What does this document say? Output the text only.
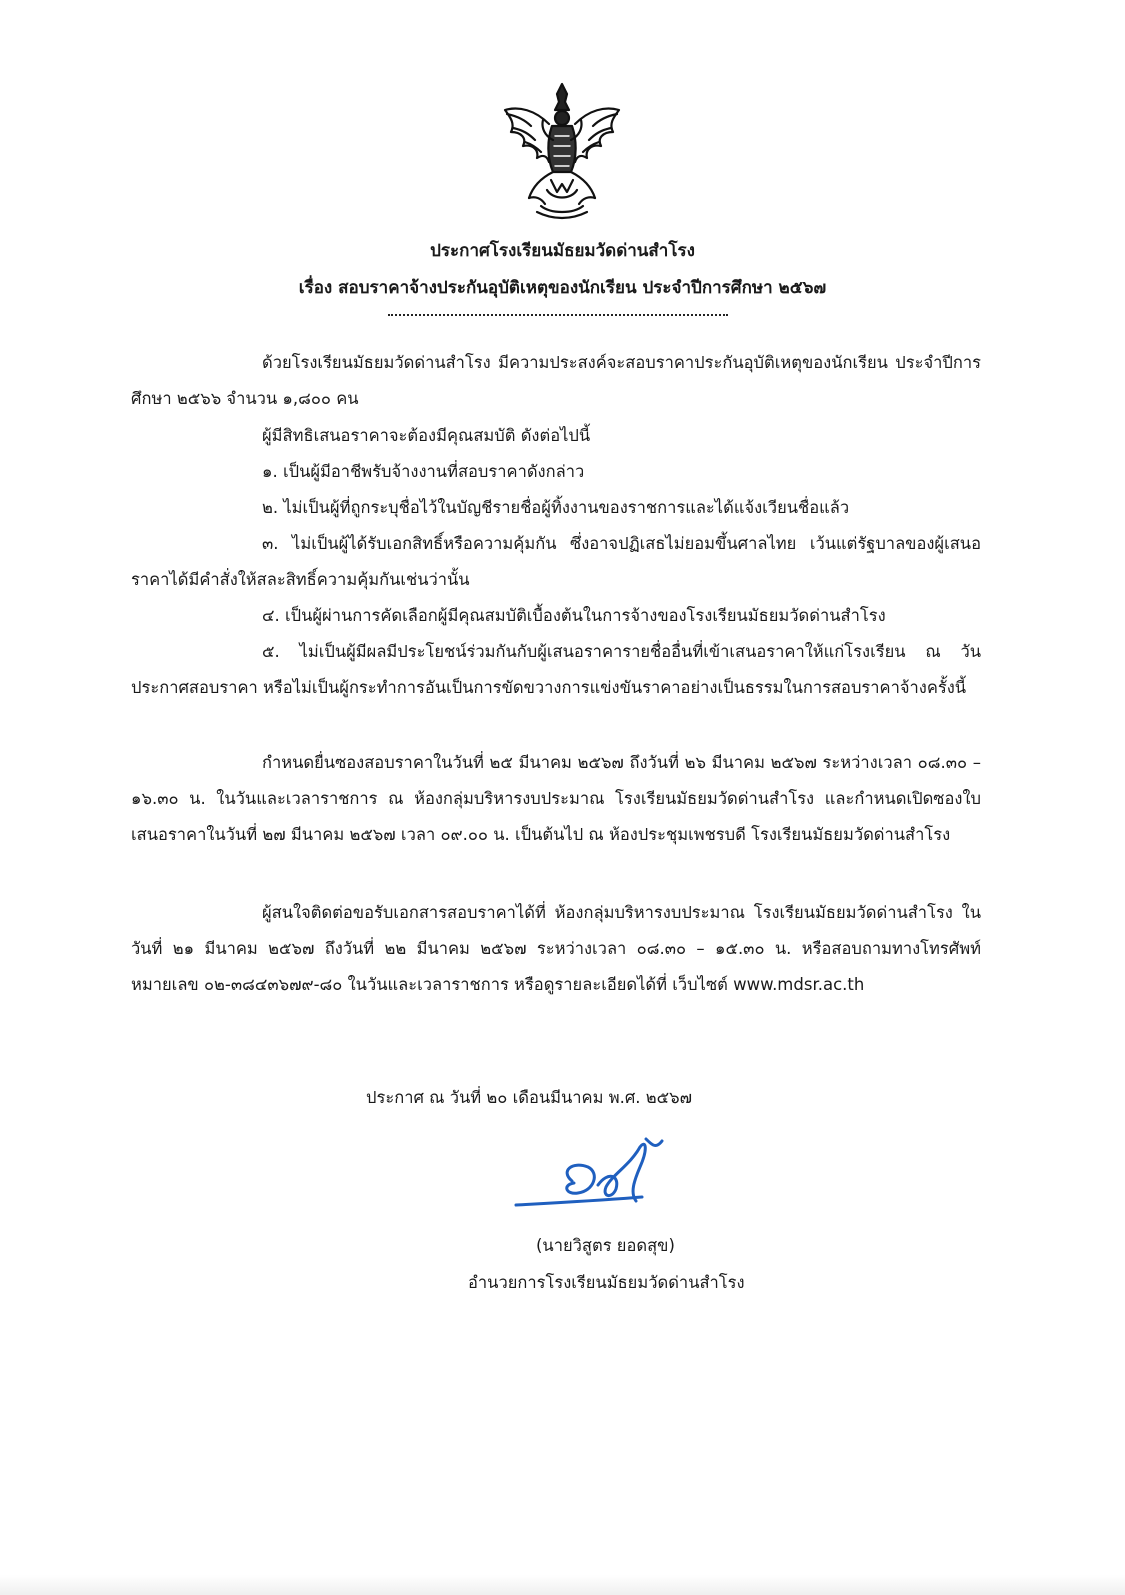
ประกาศโรงเรียนมัธยมวัดด่านสำโรง
เรื่อง สอบราคาจ้างประกันอุบัติเหตุของนักเรียน ประจำปีการศึกษา ๒๕๖๗

ด้วยโรงเรียนมัธยมวัดด่านสำโรง มีความประสงค์จะสอบราคาประกันอุบัติเหตุของนักเรียน ประจำปีการศึกษา ๒๕๖๖ จำนวน ๑,๘๐๐ คน

ผู้มีสิทธิเสนอราคาจะต้องมีคุณสมบัติ ดังต่อไปนี้
๑. เป็นผู้มีอาชีพรับจ้างงานที่สอบราคาดังกล่าว
๒. ไม่เป็นผู้ที่ถูกระบุชื่อไว้ในบัญชีรายชื่อผู้ทิ้งงานของราชการและได้แจ้งเวียนชื่อแล้ว

๓. ไม่เป็นผู้ได้รับเอกสิทธิ์หรือความคุ้มกัน ซึ่งอาจปฏิเสธไม่ยอมขึ้นศาลไทย เว้นแต่รัฐบาลของผู้เสนอราคาได้มีคำสั่งให้สละสิทธิ์ความคุ้มกันเช่นว่านั้น

๔. เป็นผู้ผ่านการคัดเลือกผู้มีคุณสมบัติเบื้องต้นในการจ้างของโรงเรียนมัธยมวัดด่านสำโรง

๕. ไม่เป็นผู้มีผลมีประโยชน์ร่วมกันกับผู้เสนอราคารายชื่ออื่นที่เข้าเสนอราคาให้แก่โรงเรียน ณ วันประกาศสอบราคา หรือไม่เป็นผู้กระทำการอันเป็นการขัดขวางการแข่งขันราคาอย่างเป็นธรรมในการสอบราคาจ้างครั้งนี้

กำหนดยื่นซองสอบราคาในวันที่ ๒๕ มีนาคม ๒๕๖๗ ถึงวันที่ ๒๖ มีนาคม ๒๕๖๗ ระหว่างเวลา ๐๘.๓๐ – ๑๖.๓๐ น. ในวันและเวลาราชการ ณ ห้องกลุ่มบริหารงบประมาณ โรงเรียนมัธยมวัดด่านสำโรง และกำหนดเปิดซองใบเสนอราคาในวันที่ ๒๗ มีนาคม ๒๕๖๗ เวลา ๐๙.๐๐ น. เป็นต้นไป ณ ห้องประชุมเพชรบดี โรงเรียนมัธยมวัดด่านสำโรง

ผู้สนใจติดต่อขอรับเอกสารสอบราคาได้ที่ ห้องกลุ่มบริหารงบประมาณ โรงเรียนมัธยมวัดด่านสำโรง ในวันที่ ๒๑ มีนาคม ๒๕๖๗ ถึงวันที่ ๒๒ มีนาคม ๒๕๖๗ ระหว่างเวลา ๐๘.๓๐ – ๑๕.๓๐ น. หรือสอบถามทางโทรศัพท์หมายเลข ๐๒-๓๘๔๓๖๗๙-๘๐ ในวันและเวลาราชการ หรือดูรายละเอียดได้ที่ เว็บไซต์ www.mdsr.ac.th

ประกาศ ณ วันที่ ๒๐ เดือนมีนาคม พ.ศ. ๒๕๖๗
(นายวิสูตร ยอดสุข)
อำนวยการโรงเรียนมัธยมวัดด่านสำโรง
